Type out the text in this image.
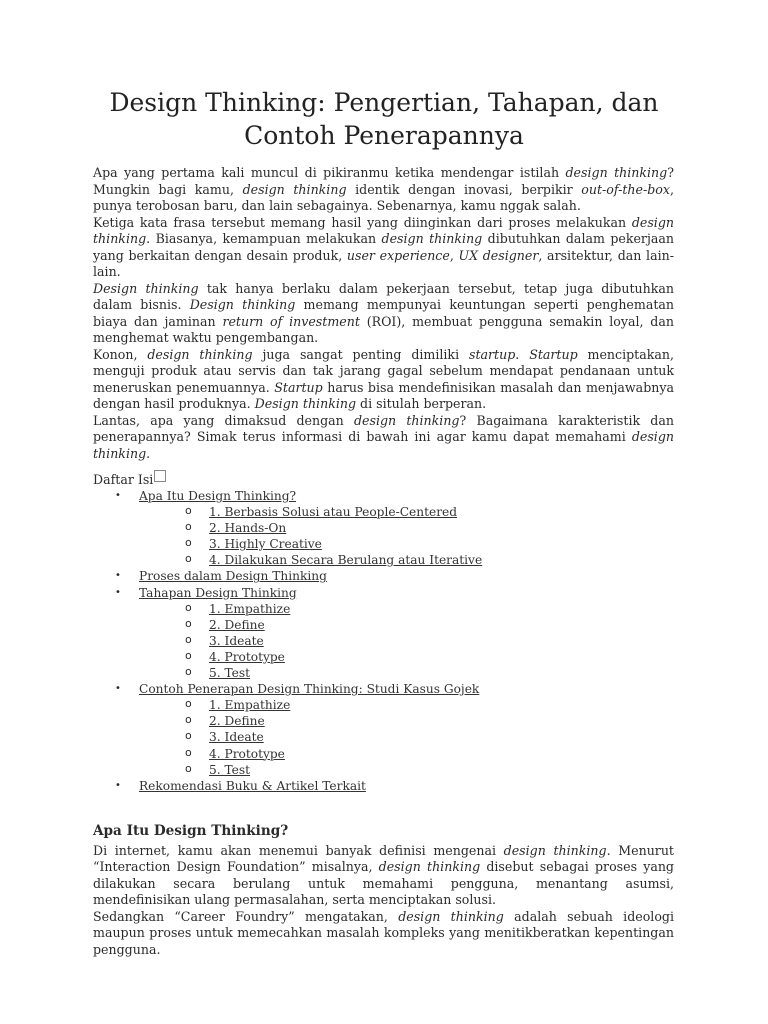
Design Thinking: Pengertian, Tahapan, dan Contoh Penerapannya

Apa yang pertama kali muncul di pikiranmu ketika mendengar istilah design thinking? Mungkin bagi kamu, design thinking identik dengan inovasi, berpikir out-of-the-box, punya terobosan baru, dan lain sebagainya. Sebenarnya, kamu nggak salah.

Ketiga kata frasa tersebut memang hasil yang diinginkan dari proses melakukan design thinking. Biasanya, kemampuan melakukan design thinking dibutuhkan dalam pekerjaan yang berkaitan dengan desain produk, user experience, UX designer, arsitektur, dan lain-lain.

Design thinking tak hanya berlaku dalam pekerjaan tersebut, tetap juga dibutuhkan dalam bisnis. Design thinking memang mempunyai keuntungan seperti penghematan biaya dan jaminan return of investment (ROI), membuat pengguna semakin loyal, dan menghemat waktu pengembangan.

Konon, design thinking juga sangat penting dimiliki startup. Startup menciptakan, menguji produk atau servis dan tak jarang gagal sebelum mendapat pendanaan untuk meneruskan penemuannya. Startup harus bisa mendefinisikan masalah dan menjawabnya dengan hasil produknya. Design thinking di situlah berperan.

Lantas, apa yang dimaksud dengan design thinking? Bagaimana karakteristik dan penerapannya? Simak terus informasi di bawah ini agar kamu dapat memahami design thinking.

Daftar Isi
• Apa Itu Design Thinking?
o 1. Berbasis Solusi atau People-Centered
o 2. Hands-On
o 3. Highly Creative
o 4. Dilakukan Secara Berulang atau Iterative
• Proses dalam Design Thinking
• Tahapan Design Thinking
o 1. Empathize
o 2. Define
o 3. Ideate
o 4. Prototype
o 5. Test
• Contoh Penerapan Design Thinking: Studi Kasus Gojek
o 1. Empathize
o 2. Define
o 3. Ideate
o 4. Prototype
o 5. Test
• Rekomendasi Buku & Artikel Terkait
Apa Itu Design Thinking?

Di internet, kamu akan menemui banyak definisi mengenai design thinking. Menurut “Interaction Design Foundation” misalnya, design thinking disebut sebagai proses yang dilakukan secara berulang untuk memahami pengguna, menantang asumsi, mendefinisikan ulang permasalahan, serta menciptakan solusi.

Sedangkan “Career Foundry” mengatakan, design thinking adalah sebuah ideologi maupun proses untuk memecahkan masalah kompleks yang menitikberatkan kepentingan pengguna.
